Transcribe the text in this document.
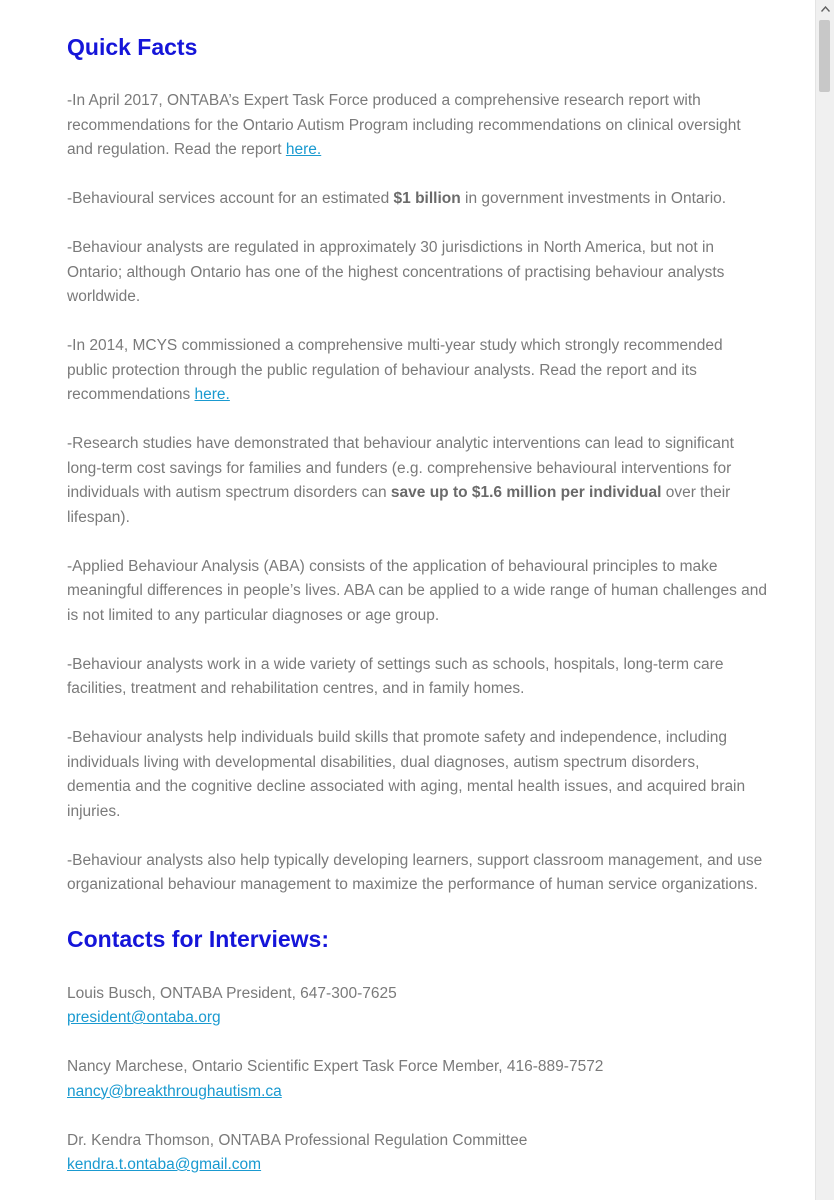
Quick Facts

-In April 2017, ONTABA’s Expert Task Force produced a comprehensive research report with recommendations for the Ontario Autism Program including recommendations on clinical oversight and regulation. Read the report here.

-Behavioural services account for an estimated $1 billion in government investments in Ontario.

-Behaviour analysts are regulated in approximately 30 jurisdictions in North America, but not in Ontario; although Ontario has one of the highest concentrations of practising behaviour analysts worldwide.

-In 2014, MCYS commissioned a comprehensive multi-year study which strongly recommended public protection through the public regulation of behaviour analysts. Read the report and its recommendations here.

-Research studies have demonstrated that behaviour analytic interventions can lead to significant long-term cost savings for families and funders (e.g. comprehensive behavioural interventions for individuals with autism spectrum disorders can save up to $1.6 million per individual over their lifespan).

-Applied Behaviour Analysis (ABA) consists of the application of behavioural principles to make meaningful differences in people’s lives. ABA can be applied to a wide range of human challenges and is not limited to any particular diagnoses or age group.

-Behaviour analysts work in a wide variety of settings such as schools, hospitals, long-term care facilities, treatment and rehabilitation centres, and in family homes.

-Behaviour analysts help individuals build skills that promote safety and independence, including individuals living with developmental disabilities, dual diagnoses, autism spectrum disorders, dementia and the cognitive decline associated with aging, mental health issues, and acquired brain injuries.

-Behaviour analysts also help typically developing learners, support classroom management, and use organizational behaviour management to maximize the performance of human service organizations.

Contacts for Interviews:
Louis Busch, ONTABA President, 647-300-7625
president@ontaba.org
Nancy Marchese, Ontario Scientific Expert Task Force Member, 416-889-7572
nancy@breakthroughautism.ca
Dr. Kendra Thomson, ONTABA Professional Regulation Committee
kendra.t.ontaba@gmail.com
